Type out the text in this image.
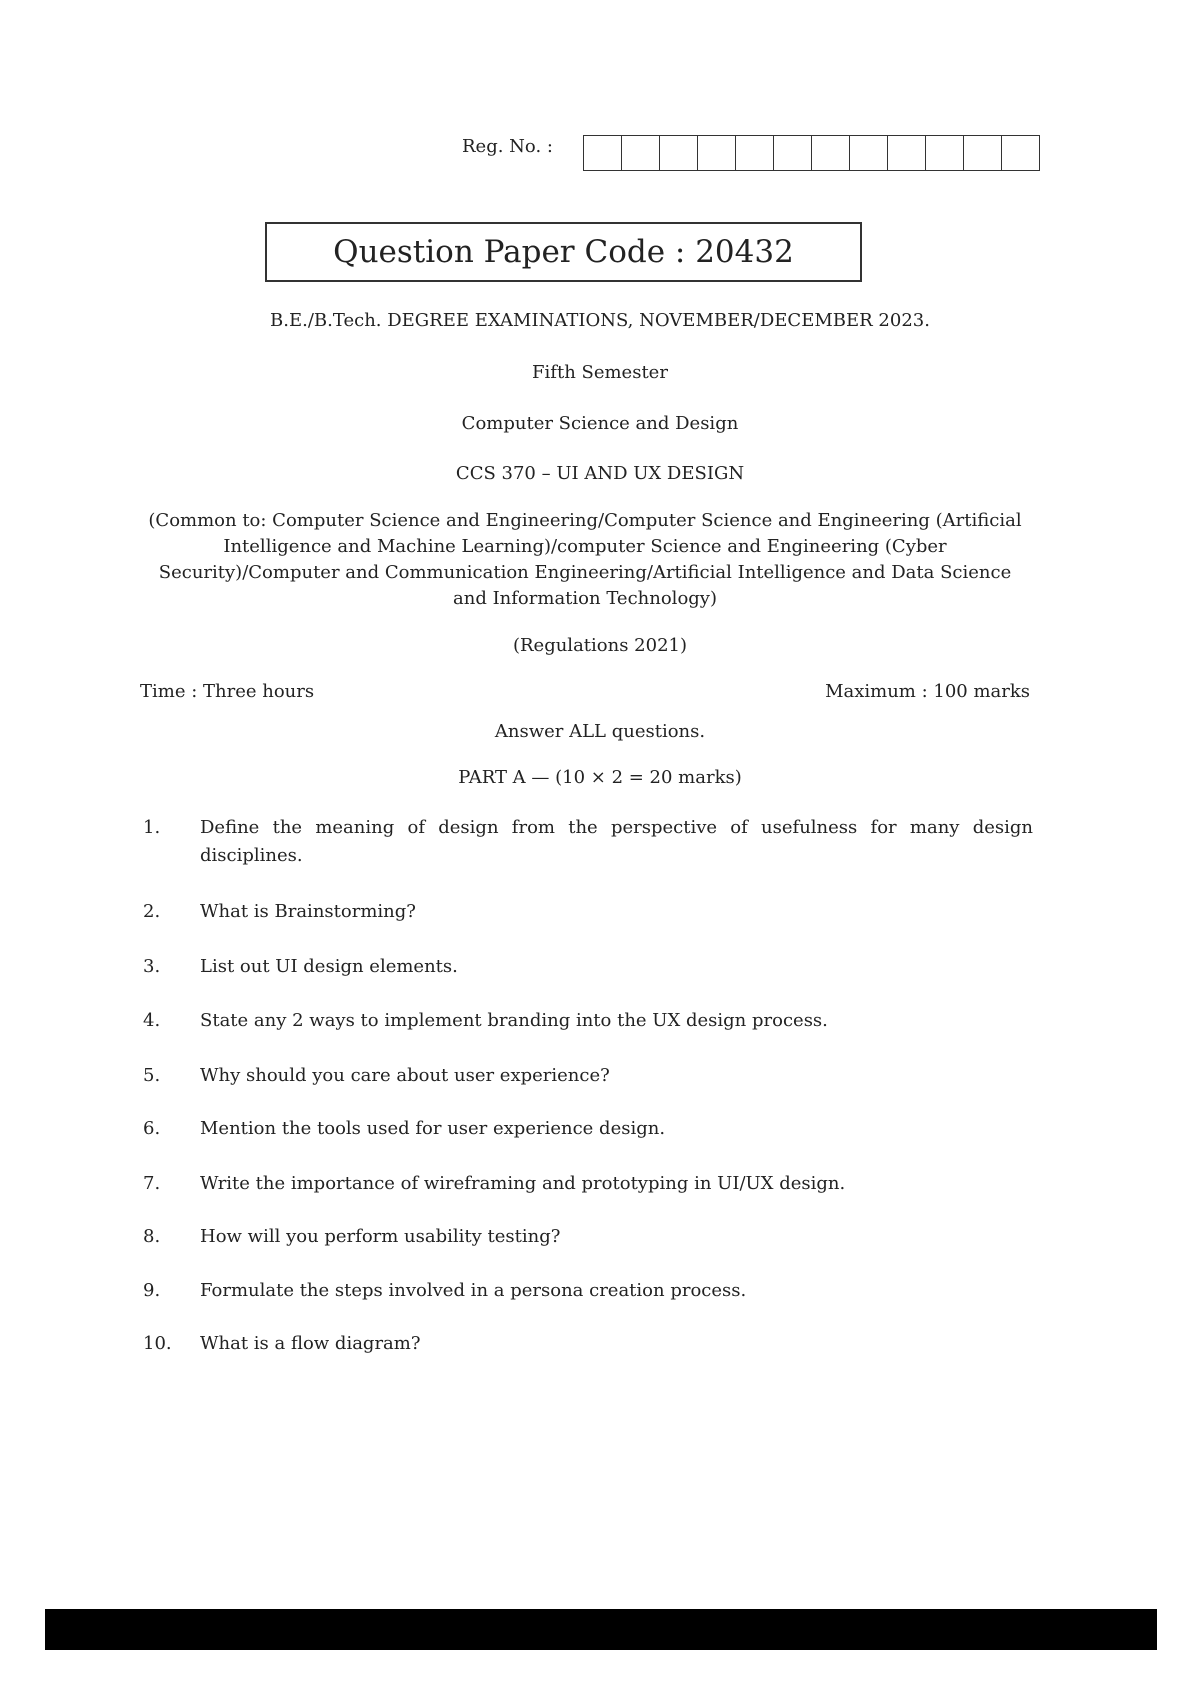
Reg. No. :
Question Paper Code : 20432
B.E./B.Tech. DEGREE EXAMINATIONS, NOVEMBER/DECEMBER 2023.
Fifth Semester
Computer Science and Design
CCS 370 – UI AND UX DESIGN
(Common to: Computer Science and Engineering/Computer Science and Engineering (Artificial Intelligence and Machine Learning)/computer Science and Engineering (Cyber Security)/Computer and Communication Engineering/Artificial Intelligence and Data Science and Information Technology)
(Regulations 2021)
Time : Three hours	Maximum : 100 marks
Answer ALL questions.
PART A — (10 × 2 = 20 marks)
1. Define the meaning of design from the perspective of usefulness for many design disciplines.
2. What is Brainstorming?
3. List out UI design elements.
4. State any 2 ways to implement branding into the UX design process.
5. Why should you care about user experience?
6. Mention the tools used for user experience design.
7. Write the importance of wireframing and prototyping in UI/UX design.
8. How will you perform usability testing?
9. Formulate the steps involved in a persona creation process.
10. What is a flow diagram?
